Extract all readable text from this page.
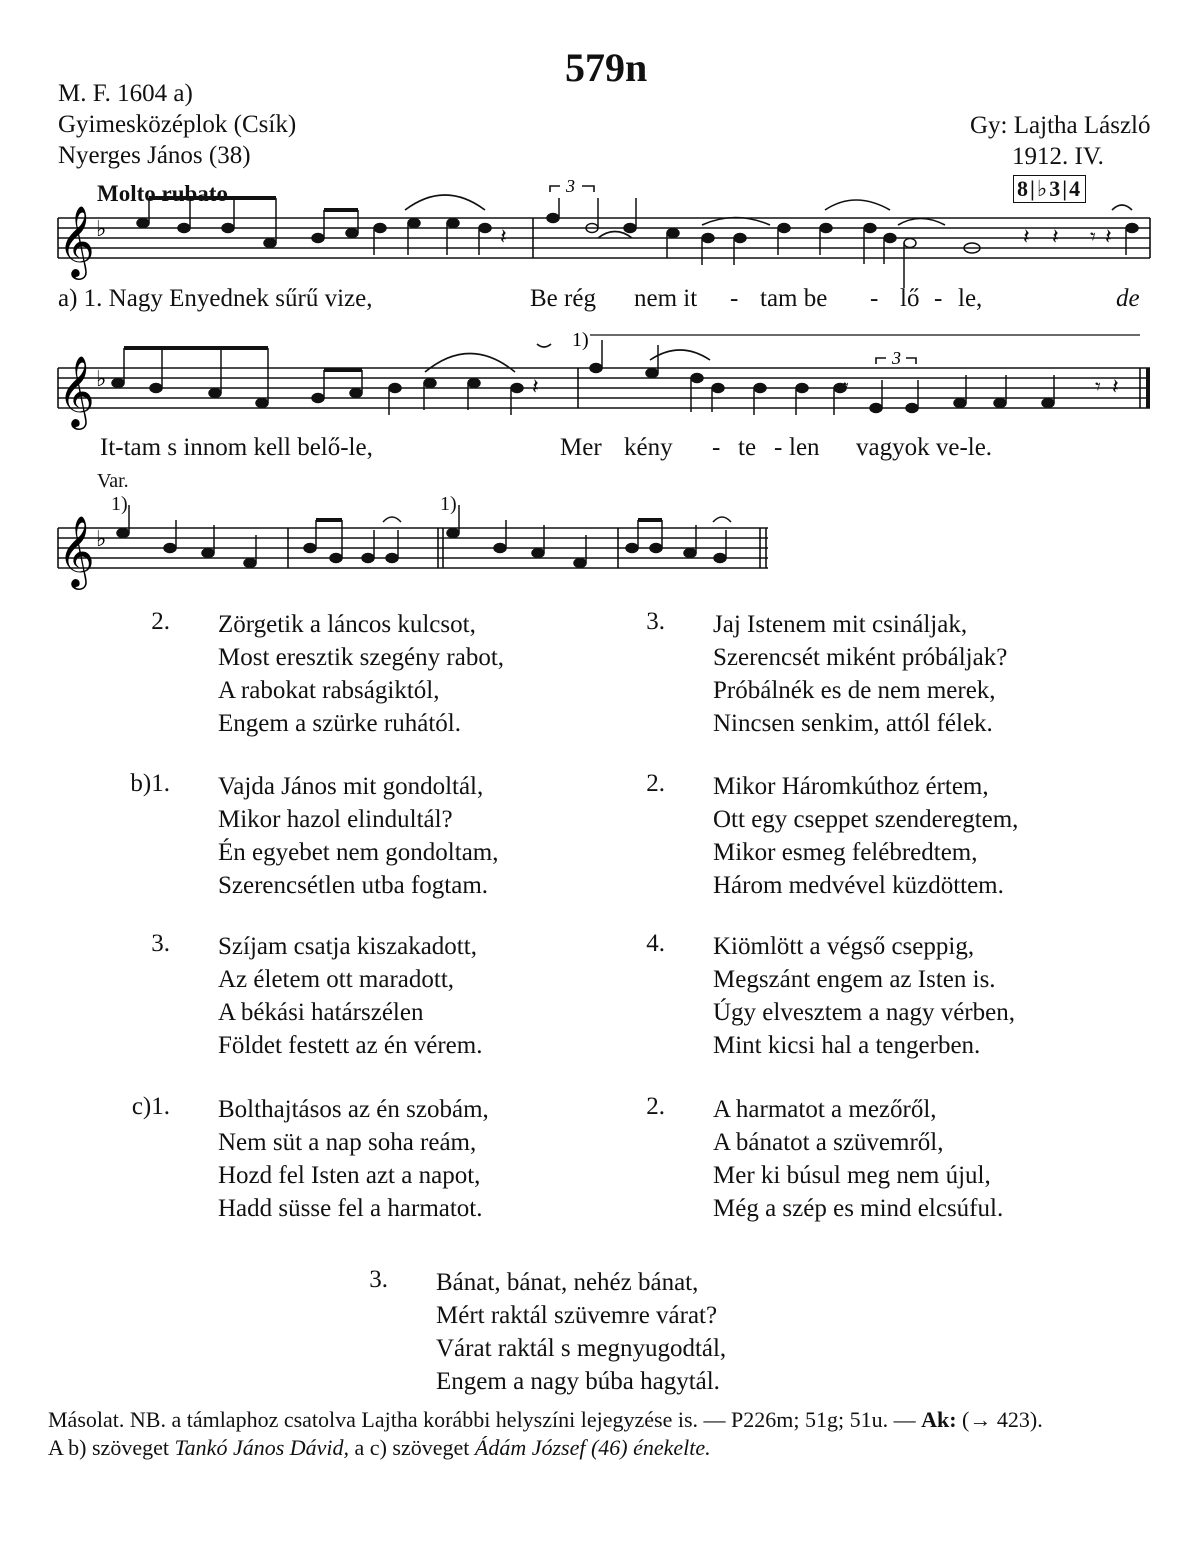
579n
M. F. 1604 a)
Gyimesközéplok (Csík)
Nyerges János (38)
Gy: Lajtha László
1912. IV.
8|♭3|4
Molto rubato
𝄞 ♭
3
𝄽	𝄽 𝄽 𝄾 𝄽
a) 1. Nagy Enyednek sűrű vize,	Be rég nem it - tam be - lő - le,	de
𝄞 ♭
1)
3
𝄽	𝄾	𝄾 𝄽
It-tam s innom kell belő-le,	Mer kény - te - len vagyok ve-le.
Var.
1)	1)
𝄞 ♭
2. Zörgetik a láncos kulcsot,
Most eresztik szegény rabot,
A rabokat rabságiktól,
Engem a szürke ruhától.
3. Jaj Istenem mit csináljak,
Szerencsét miként próbáljak?
Próbálnék es de nem merek,
Nincsen senkim, attól félek.
b)1. Vajda János mit gondoltál,
Mikor hazol elindultál?
Én egyebet nem gondoltam,
Szerencsétlen utba fogtam.
2. Mikor Háromkúthoz értem,
Ott egy cseppet szenderegtem,
Mikor esmeg felébredtem,
Három medvével küzdöttem.
3. Szíjam csatja kiszakadott,
Az életem ott maradott,
A békási határszélen
Földet festett az én vérem.
4. Kiömlött a végső cseppig,
Megszánt engem az Isten is.
Úgy elvesztem a nagy vérben,
Mint kicsi hal a tengerben.
c)1. Bolthajtásos az én szobám,
Nem süt a nap soha reám,
Hozd fel Isten azt a napot,
Hadd süsse fel a harmatot.
2. A harmatot a mezőről,
A bánatot a szüvemről,
Mer ki búsul meg nem újul,
Még a szép es mind elcsúful.
3. Bánat, bánat, nehéz bánat,
Mért raktál szüvemre várat?
Várat raktál s megnyugodtál,
Engem a nagy búba hagytál.
Másolat. NB. a támlaphoz csatolva Lajtha korábbi helyszíni lejegyzése is. — P226m; 51g; 51u. — Ak: (→ 423).
A b) szöveget Tankó János Dávid, a c) szöveget Ádám József (46) énekelte.
